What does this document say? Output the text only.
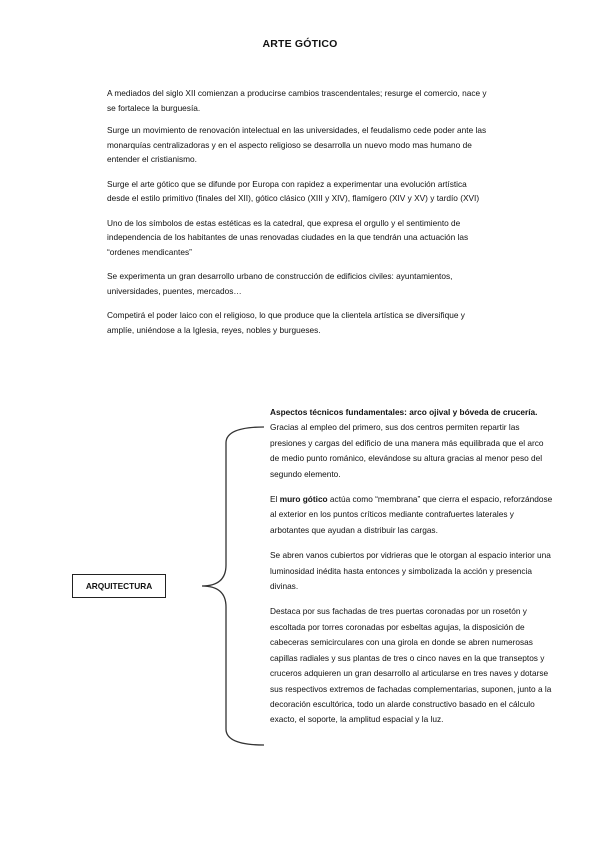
ARTE GÓTICO

A mediados del siglo XII comienzan a producirse cambios trascendentales; resurge el comercio, nace y se fortalece la burguesía.

Surge un movimiento de renovación intelectual en las universidades, el feudalismo cede poder ante las monarquías centralizadoras y en el aspecto religioso se desarrolla un nuevo modo mas humano de entender el cristianismo.

Surge el arte gótico que se difunde por Europa con rapidez a experimentar una evolución artística desde el estilo primitivo (finales del XII), gótico clásico (XIII y XIV), flamígero (XIV y XV) y tardío (XVI)

Uno de los símbolos de estas estéticas es la catedral, que expresa el orgullo y el sentimiento de independencia de los habitantes de unas renovadas ciudades en la que tendrán una actuación las “ordenes mendicantes”

Se experimenta un gran desarrollo urbano de construcción de edificios civiles: ayuntamientos, universidades, puentes, mercados…

Competirá el poder laico con el religioso, lo que produce que la clientela artística se diversifique y amplíe, uniéndose a la Iglesia, reyes, nobles y burgueses.

ARQUITECTURA

Aspectos técnicos fundamentales: arco ojival y bóveda de crucería. Gracias al empleo del primero, sus dos centros permiten repartir las presiones y cargas del edificio de una manera más equilibrada que el arco de medio punto románico, elevándose su altura gracias al menor peso del segundo elemento.

El muro gótico actúa como “membrana” que cierra el espacio, reforzándose al exterior en los puntos críticos mediante contrafuertes laterales y arbotantes que ayudan a distribuir las cargas.

Se abren vanos cubiertos por vidrieras que le otorgan al espacio interior una luminosidad inédita hasta entonces y simbolizada la acción y presencia divinas.

Destaca por sus fachadas de tres puertas coronadas por un rosetón y escoltada por torres coronadas por esbeltas agujas, la disposición de cabeceras semicirculares con una girola en donde se abren numerosas capillas radiales y sus plantas de tres o cinco naves en la que transeptos y cruceros adquieren un gran desarrollo al articularse en tres naves y dotarse sus respectivos extremos de fachadas complementarias, suponen, junto a la decoración escultórica, todo un alarde constructivo basado en el cálculo exacto, el soporte, la amplitud espacial y la luz.
